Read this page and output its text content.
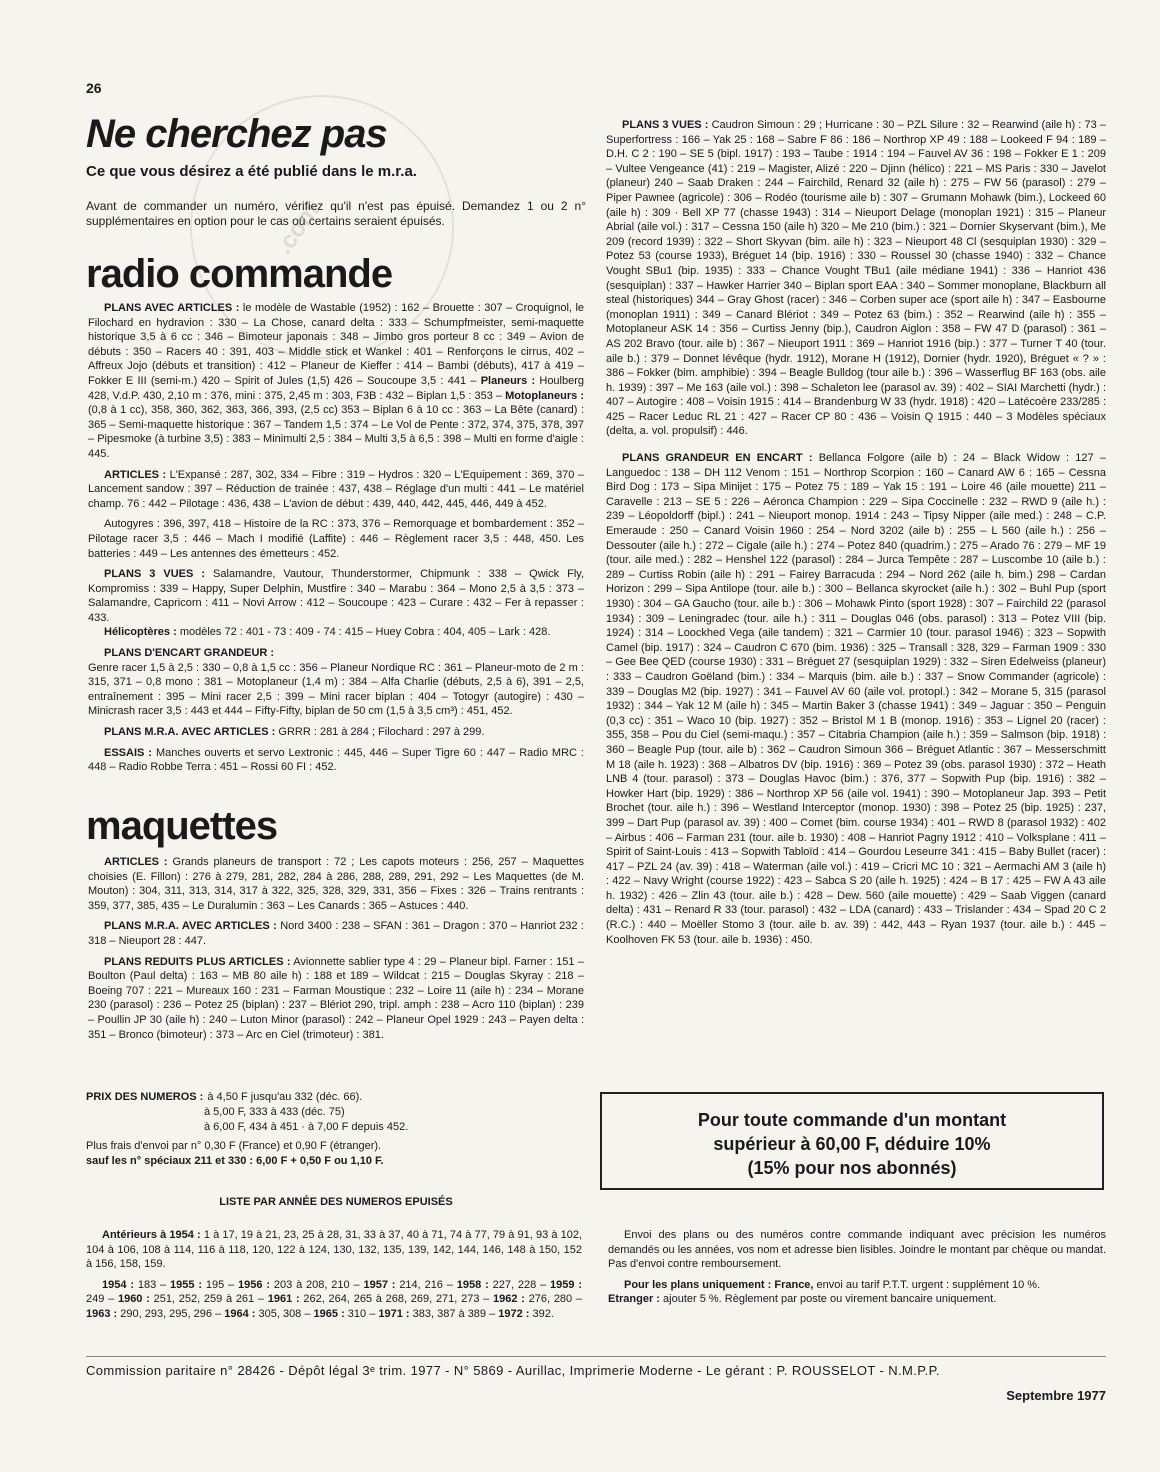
.com
26
Ne cherchez pas
Ce que vous désirez a été publié dans le m.r.a.
Avant de commander un numéro, vérifiez qu'il n'est pas épuisé. Demandez 1 ou 2 n° supplémentaires en option pour le cas où certains seraient épuisés.
radio commande

PLANS AVEC ARTICLES : le modèle de Wastable (1952) : 162 – Brouette : 307 – Croquignol, le Filochard en hydravion : 330 – La Chose, canard delta : 333 – Schumpfmeister, semi-maquette historique 3,5 à 6 cc : 346 – Bimoteur japonais : 348 – Jimbo gros porteur 8 cc : 349 – Avion de débuts : 350 – Racers 40 : 391, 403 – Middle stick et Wankel : 401 – Renforçons le cirrus, 402 – Affreux Jojo (débuts et transition) : 412 – Planeur de Kieffer : 414 – Bambi (débuts), 417 à 419 – Fokker E III (semi-m.) 420 – Spirit of Jules (1,5) 426 – Soucoupe 3,5 : 441 – Planeurs : Houlberg 428, V.d.P. 430, 2,10 m : 376, mini : 375, 2,45 m : 303, F3B : 432 – Biplan 1,5 : 353 – Motoplaneurs : (0,8 à 1 cc), 358, 360, 362, 363, 366, 393, (2,5 cc) 353 – Biplan 6 à 10 cc : 363 – La Bête (canard) : 365 – Semi-maquette historique : 367 – Tandem 1,5 : 374 – Le Vol de Pente : 372, 374, 375, 378, 397 – Pipesmoke (à turbine 3,5) : 383 – Minimulti 2,5 : 384 – Multi 3,5 à 6,5 : 398 – Multi en forme d'aigle : 445.

ARTICLES : L'Expansé : 287, 302, 334 – Fibre : 319 – Hydros : 320 – L'Equipement : 369, 370 – Lancement sandow : 397 – Réduction de trainée : 437, 438 – Réglage d'un multi : 441 – Le matériel champ. 76 : 442 – Pilotage : 436, 438 – L'avion de début : 439, 440, 442, 445, 446, 449 à 452.

Autogyres : 396, 397, 418 – Histoire de la RC : 373, 376 – Remorquage et bombardement : 352 – Pilotage racer 3,5 : 446 – Mach I modifié (Laffite) : 446 – Règlement racer 3,5 : 448, 450. Les batteries : 449 – Les antennes des émetteurs : 452.

PLANS 3 VUES : Salamandre, Vautour, Thunderstormer, Chipmunk : 338 – Qwick Fly, Kompromiss : 339 – Happy, Super Delphin, Mustfire : 340 – Marabu : 364 – Mono 2,5 à 3,5 : 373 – Salamandre, Capricorn : 411 – Novi Arrow : 412 – Soucoupe : 423 – Curare : 432 – Fer à repasser : 433.

Hélicoptères : modèles 72 : 401 - 73 : 409 - 74 : 415 – Huey Cobra : 404, 405 – Lark : 428.

PLANS D'ENCART GRANDEUR :
Genre racer 1,5 à 2,5 : 330 – 0,8 à 1,5 cc : 356 – Planeur Nordique RC : 361 – Planeur-moto de 2 m : 315, 371 – 0,8 mono : 381 – Motoplaneur (1,4 m) : 384 – Alfa Charlie (débuts, 2,5 à 6), 391 – 2,5, entraînement : 395 – Mini racer 2,5 : 399 – Mini racer biplan : 404 – Totogyr (autogire) : 430 – Minicrash racer 3,5 : 443 et 444 – Fifty-Fifty, biplan de 50 cm (1,5 à 3,5 cm³) : 451, 452.

PLANS M.R.A. AVEC ARTICLES : GRRR : 281 à 284 ; Filochard : 297 à 299.

ESSAIS : Manches ouverts et servo Lextronic : 445, 446 – Super Tigre 60 : 447 – Radio MRC : 448 – Radio Robbe Terra : 451 – Rossi 60 FI : 452.

maquettes

ARTICLES : Grands planeurs de transport : 72 ; Les capots moteurs : 256, 257 – Maquettes choisies (E. Fillon) : 276 à 279, 281, 282, 284 à 286, 288, 289, 291, 292 – Les Maquettes (de M. Mouton) : 304, 311, 313, 314, 317 à 322, 325, 328, 329, 331, 356 – Fixes : 326 – Trains rentrants : 359, 377, 385, 435 – Le Duralumin : 363 – Les Canards : 365 – Astuces : 440.

PLANS M.R.A. AVEC ARTICLES : Nord 3400 : 238 – SFAN : 361 – Dragon : 370 – Hanriot 232 : 318 – Nieuport 28 : 447.

PLANS REDUITS PLUS ARTICLES : Avionnette sablier type 4 : 29 – Planeur bipl. Farner : 151 – Boulton (Paul delta) : 163 – MB 80 aile h) : 188 et 189 – Wildcat : 215 – Douglas Skyray : 218 – Boeing 707 : 221 – Mureaux 160 : 231 – Farman Moustique : 232 – Loire 11 (aile h) : 234 – Morane 230 (parasol) : 236 – Potez 25 (biplan) : 237 – Blériot 290, tripl. amph : 238 – Acro 110 (biplan) : 239 – Poullin JP 30 (aile h) : 240 – Luton Minor (parasol) : 242 – Planeur Opel 1929 : 243 – Payen delta : 351 – Bronco (bimoteur) : 373 – Arc en Ciel (trimoteur) : 381.

PLANS 3 VUES : Caudron Simoun : 29 ; Hurricane : 30 – PZL Silure : 32 – Rearwind (aile h) : 73 – Superfortress : 166 – Yak 25 : 168 – Sabre F 86 : 186 – Northrop XP 49 : 188 – Lookeed F 94 : 189 – D.H. C 2 : 190 – SE 5 (bipl. 1917) : 193 – Taube : 1914 : 194 – Fauvel AV 36 : 198 – Fokker E 1 : 209 – Vultee Vengeance (41) : 219 – Magister, Alizé : 220 – Djinn (hélico) : 221 – MS Paris : 330 – Javelot (planeur) 240 – Saab Draken : 244 – Fairchild, Renard 32 (aile h) : 275 – FW 56 (parasol) : 279 – Piper Pawnee (agricole) : 306 – Rodéo (tourisme aile b) : 307 – Grumann Mohawk (bim.), Lockeed 60 (aile h) : 309 · Bell XP 77 (chasse 1943) : 314 – Nieuport Delage (monoplan 1921) : 315 – Planeur Abrial (aile vol.) : 317 – Cessna 150 (aile h) 320 – Me 210 (bim.) : 321 – Dornier Skyservant (bim.), Me 209 (record 1939) : 322 – Short Skyvan (bim. aile h) : 323 – Nieuport 48 Cl (sesquiplan 1930) : 329 – Potez 53 (course 1933), Bréguet 14 (bip. 1916) : 330 – Roussel 30 (chasse 1940) : 332 – Chance Vought SBu1 (bip. 1935) : 333 – Chance Vought TBu1 (aile médiane 1941) : 336 – Hanriot 436 (sesquiplan) : 337 – Hawker Harrier 340 – Biplan sport EAA : 340 – Sommer monoplane, Blackburn all steal (historiques) 344 – Gray Ghost (racer) : 346 – Corben super ace (sport aile h) : 347 – Easbourne (monoplan 1911) : 349 – Canard Blériot : 349 – Potez 63 (bim.) : 352 – Rearwind (aile h) : 355 – Motoplaneur ASK 14 : 356 – Curtiss Jenny (bip.), Caudron Aiglon : 358 – FW 47 D (parasol) : 361 – AS 202 Bravo (tour. aile b) : 367 – Nieuport 1911 : 369 – Hanriot 1916 (bip.) : 377 – Turner T 40 (tour. aile b.) : 379 – Donnet lévêque (hydr. 1912), Morane H (1912), Dornier (hydr. 1920), Bréguet « ? » : 386 – Fokker (bim. amphibie) : 394 – Beagle Bulldog (tour aile b.) : 396 – Wasserflug BF 163 (obs. aile h. 1939) : 397 – Me 163 (aile vol.) : 398 – Schaleton lee (parasol av. 39) : 402 – SIAI Marchetti (hydr.) : 407 – Autogire : 408 – Voisin 1915 : 414 – Brandenburg W 33 (hydr. 1918) : 420 – Latécoère 233/285 : 425 – Racer Leduc RL 21 : 427 – Racer CP 80 : 436 – Voisin Q 1915 : 440 – 3 Modèles spéciaux (delta, a. vol. propulsif) : 446.

PLANS GRANDEUR EN ENCART : Bellanca Folgore (aile b) : 24 – Black Widow : 127 – Languedoc : 138 – DH 112 Venom : 151 – Northrop Scorpion : 160 – Canard AW 6 : 165 – Cessna Bird Dog : 173 – Sipa Minijet : 175 – Potez 75 : 189 – Yak 15 : 191 – Loire 46 (aile mouette) 211 – Caravelle : 213 – SE 5 : 226 – Aéronca Champion : 229 – Sipa Coccinelle : 232 – RWD 9 (aile h.) : 239 – Léopoldorff (bipl.) : 241 – Nieuport monop. 1914 : 243 – Tipsy Nipper (aile med.) : 248 – C.P. Emeraude : 250 – Canard Voisin 1960 : 254 – Nord 3202 (aile b) : 255 – L 560 (aile h.) : 256 – Dessouter (aile h.) : 272 – Cigale (aile h.) : 274 – Potez 840 (quadrim.) : 275 – Arado 76 : 279 – MF 19 (tour. aile med.) : 282 – Henshel 122 (parasol) : 284 – Jurca Tempête : 287 – Luscombe 10 (aile b.) : 289 – Curtiss Robin (aile h) : 291 – Fairey Barracuda : 294 – Nord 262 (aile h. bim.) 298 – Cardan Horizon : 299 – Sipa Antilope (tour. aile b.) : 300 – Bellanca skyrocket (aile h.) : 302 – Buhl Pup (sport 1930) : 304 – GA Gaucho (tour. aile b.) : 306 – Mohawk Pinto (sport 1928) : 307 – Fairchild 22 (parasol 1934) : 309 – Leningradec (tour. aile h.) : 311 – Douglas 046 (obs. parasol) : 313 – Potez VIII (bip. 1924) : 314 – Loockhed Vega (aile tandem) : 321 – Carmier 10 (tour. parasol 1946) : 323 – Sopwith Camel (bip. 1917) : 324 – Caudron C 670 (bim. 1936) : 325 – Transall : 328, 329 – Farman 1909 : 330 – Gee Bee QED (course 1930) : 331 – Bréguet 27 (sesquiplan 1929) : 332 – Siren Edelweiss (planeur) : 333 – Caudron Goëland (bim.) : 334 – Marquis (bim. aile b.) : 337 – Snow Commander (agricole) : 339 – Douglas M2 (bip. 1927) : 341 – Fauvel AV 60 (aile vol. protopl.) : 342 – Morane 5, 315 (parasol 1932) : 344 – Yak 12 M (aile h) : 345 – Martin Baker 3 (chasse 1941) : 349 – Jaguar : 350 – Penguin (0,3 cc) : 351 – Waco 10 (bip. 1927) : 352 – Bristol M 1 B (monop. 1916) : 353 – Lignel 20 (racer) : 355, 358 – Pou du Ciel (semi-maqu.) : 357 – Citabria Champion (aile h.) : 359 – Salmson (bip. 1918) : 360 – Beagle Pup (tour. aile b) : 362 – Caudron Simoun 366 – Bréguet Atlantic : 367 – Messerschmitt M 18 (aile h. 1923) : 368 – Albatros DV (bip. 1916) : 369 – Potez 39 (obs. parasol 1930) : 372 – Heath LNB 4 (tour. parasol) : 373 – Douglas Havoc (bim.) : 376, 377 – Sopwith Pup (bip. 1916) : 382 – Howker Hart (bip. 1929) : 386 – Northrop XP 56 (aile vol. 1941) : 390 – Motoplaneur Jap. 393 – Petit Brochet (tour. aile h.) : 396 – Westland Interceptor (monop. 1930) : 398 – Potez 25 (bip. 1925) : 237, 399 – Dart Pup (parasol av. 39) : 400 – Comet (bim. course 1934) : 401 – RWD 8 (parasol 1932) : 402 – Airbus : 406 – Farman 231 (tour. aile b. 1930) : 408 – Hanriot Pagny 1912 : 410 – Volksplane : 411 – Spirit of Saint-Louis : 413 – Sopwith Tabloïd : 414 – Gourdou Leseurre 341 : 415 – Baby Bullet (racer) : 417 – PZL 24 (av. 39) : 418 – Waterman (aile vol.) : 419 – Cricri MC 10 : 321 – Aermachi AM 3 (aile h) : 422 – Navy Wright (course 1922) : 423 – Sabca S 20 (aile h. 1925) : 424 – B 17 : 425 – FW A 43 aile h. 1932) : 426 – Zlin 43 (tour. aile b.) : 428 – Dew. 560 (aile mouette) : 429 – Saab Viggen (canard delta) : 431 – Renard R 33 (tour. parasol) : 432 – LDA (canard) : 433 – Trislander : 434 – Spad 20 C 2 (R.C.) : 440 – Moëller Stomo 3 (tour. aile b. av. 39) : 442, 443 – Ryan 1937 (tour. aile b.) : 445 – Koolhoven FK 53 (tour. aile b. 1936) : 450.

PRIX DES NUMEROS : à 4,50 F jusqu'au 332 (déc. 66).
à 5,00 F, 333 à 433 (déc. 75)
à 6,00 F, 434 à 451 · à 7,00 F depuis 452.
Plus frais d'envoi par n° 0,30 F (France) et 0,90 F (étranger).
sauf les n° spéciaux 211 et 330 : 6,00 F + 0,50 F ou 1,10 F.
LISTE PAR ANNÉE DES NUMEROS EPUISÉS

Antérieurs à 1954 : 1 à 17, 19 à 21, 23, 25 à 28, 31, 33 à 37, 40 à 71, 74 à 77, 79 à 91, 93 à 102, 104 à 106, 108 à 114, 116 à 118, 120, 122 à 124, 130, 132, 135, 139, 142, 144, 146, 148 à 150, 152 à 156, 158, 159.

1954 : 183 – 1955 : 195 – 1956 : 203 à 208, 210 – 1957 : 214, 216 – 1958 : 227, 228 – 1959 : 249 – 1960 : 251, 252, 259 à 261 – 1961 : 262, 264, 265 à 268, 269, 271, 273 – 1962 : 276, 280 – 1963 : 290, 293, 295, 296 – 1964 : 305, 308 – 1965 : 310 – 1971 : 383, 387 à 389 – 1972 : 392.

Pour toute commande d'un montant
supérieur à 60,00 F, déduire 10%
(15% pour nos abonnés)

Envoi des plans ou des numéros contre commande indiquant avec précision les numéros demandés ou les années, vos nom et adresse bien lisibles. Joindre le montant par chèque ou mandat. Pas d'envoi contre remboursement.

Pour les plans uniquement : France, envoi au tarif P.T.T. urgent : supplément 10 %.

Etranger : ajouter 5 %. Règlement par poste ou virement bancaire uniquement.

Commission paritaire n° 28426 - Dépôt légal 3ᵉ trim. 1977 - N° 5869 - Aurillac, Imprimerie Moderne - Le gérant : P. ROUSSELOT - N.M.P.P.
Septembre 1977
